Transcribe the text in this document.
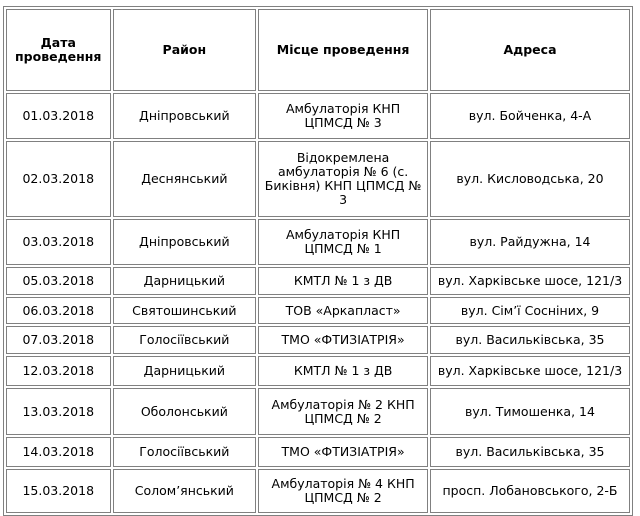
Дата проведення	Район	Місце проведення	Адреса
01.03.2018	Дніпровський	Амбулаторія КНП ЦПМСД № 3	вул. Бойченка, 4-А
02.03.2018	Деснянський	Відокремлена амбулаторія № 6 (с. Биківня) КНП ЦПМСД № 3	вул. Кисловодська, 20
03.03.2018	Дніпровський	Амбулаторія КНП ЦПМСД № 1	вул. Райдужна, 14
05.03.2018	Дарницький	КМТЛ № 1 з ДВ	вул. Харківське шосе, 121/3
06.03.2018	Святошинський	ТОВ «Аркапласт»	вул. Сім’ї Сосніних, 9
07.03.2018	Голосіївський	ТМО «ФТИЗІАТРІЯ»	вул. Васильківська, 35
12.03.2018	Дарницький	КМТЛ № 1 з ДВ	вул. Харківське шосе, 121/3
13.03.2018	Оболонський	Амбулаторія № 2 КНП ЦПМСД № 2	вул. Тимошенка, 14
14.03.2018	Голосіївський	ТМО «ФТИЗІАТРІЯ»	вул. Васильківська, 35
15.03.2018	Солом’янський	Амбулаторія № 4 КНП ЦПМСД № 2	просп. Лобановського, 2-Б
